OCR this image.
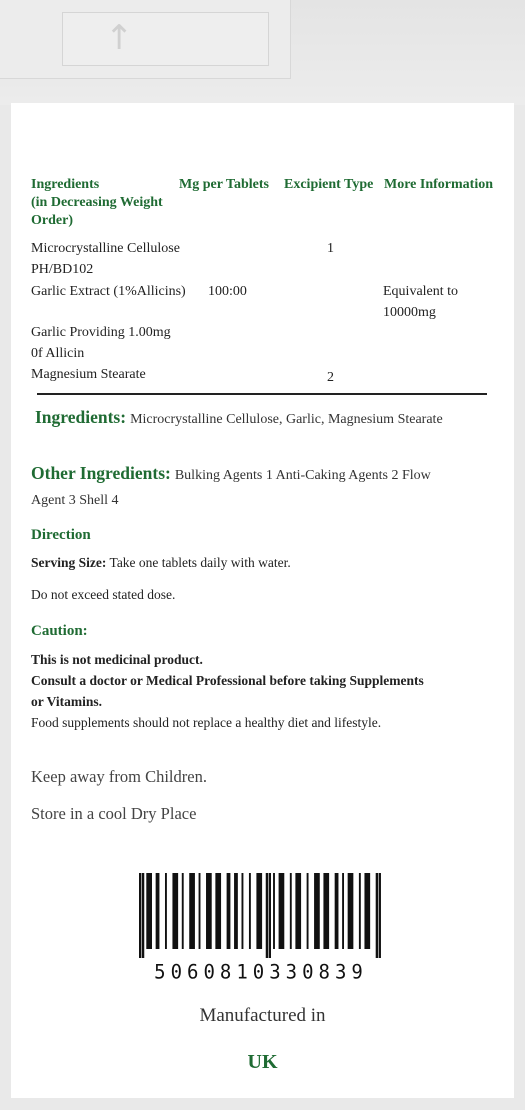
↑
Ingredients
(in Decreasing Weight
Order)
Mg per Tablets Excipient Type More Information
Microcrystalline Cellulose
PH/BD102
1
Garlic Extract (1%Allicins) 100:00	Equivalent to
10000mg
Garlic Providing 1.00mg
0f Allicin
Magnesium Stearate	2
Ingredients: Microcrystalline Cellulose, Garlic, Magnesium Stearate
Other Ingredients: Bulking Agents 1 Anti-Caking Agents 2 Flow
Agent 3 Shell 4
Direction
Serving Size: Take one tablets daily with water.
Do not exceed stated dose.
Caution:
This is not medicinal product.
Consult a doctor or Medical Professional before taking Supplements
or Vitamins.
Food supplements should not replace a healthy diet and lifestyle.
Keep away from Children.
Store in a cool Dry Place
5060810330839
Manufactured in
UK
